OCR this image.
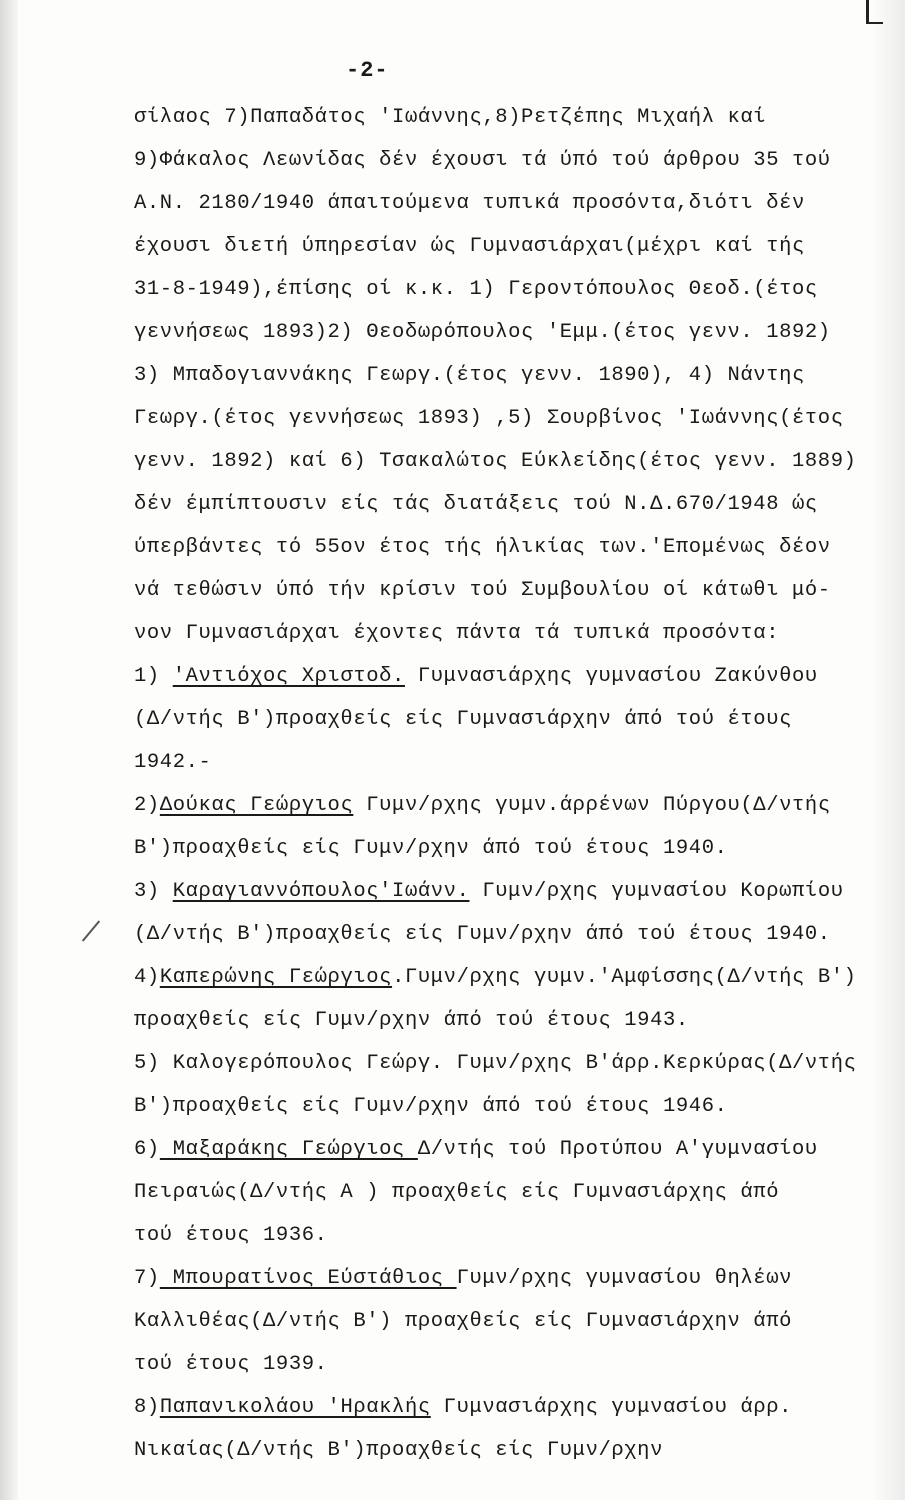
-2-
σίλαος 7)Παπαδάτος 'Ιωάννης,8)Ρετζέπης Μιχαήλ καί
9)Φάκαλος Λεωνίδας δέν έχουσι τά ύπό τού άρθρου 35 τού
Α.Ν. 2180/1940 άπαιτούμενα τυπικά προσόντα,διότι δέν
έχουσι διετή ύπηρεσίαν ώς Γυμνασιάρχαι(μέχρι καί τής
31-8-1949),έπίσης οί κ.κ. 1) Γεροντόπουλος Θεοδ.(έτος
γεννήσεως 1893)2) Θεοδωρόπουλος 'Εμμ.(έτος γενν. 1892)
3) Μπαδογιαννάκης Γεωργ.(έτος γενν. 1890), 4) Νάντης
Γεωργ.(έτος γεννήσεως 1893) ,5) Σουρβίνος 'Ιωάννης(έτος
γενν. 1892) καί 6) Τσακαλώτος Εύκλείδης(έτος γενν. 1889)
δέν έμπίπτουσιν είς τάς διατάξεις τού Ν.Δ.670/1948 ώς
ύπερβάντες τό 55ον έτος τής ήλικίας των.'Επομένως δέον
νά τεθώσιν ύπό τήν κρίσιν τού Συμβουλίου οί κάτωθι μό-
νον Γυμνασιάρχαι έχοντες πάντα τά τυπικά προσόντα:
1) 'Αντιόχος Χριστοδ. Γυμνασιάρχης γυμνασίου Ζακύνθου
(Δ/ντής Β')προαχθείς είς Γυμνασιάρχην άπό τού έτους
1942.-
2)Δούκας Γεώργιος Γυμν/ρχης γυμν.άρρένων Πύργου(Δ/ντής
Β')προαχθείς είς Γυμν/ρχην άπό τού έτους 1940.
3) Καραγιαννόπουλος'Ιωάνν. Γυμν/ρχης γυμνασίου Κορωπίου
(Δ/ντής Β')προαχθείς είς Γυμν/ρχην άπό τού έτους 1940.
4)Καπερώνης Γεώργιος.Γυμν/ρχης γυμν.'Αμφίσσης(Δ/ντής Β')
προαχθείς είς Γυμν/ρχην άπό τού έτους 1943.
5) Καλογερόπουλος Γεώργ. Γυμν/ρχης Β'άρρ.Κερκύρας(Δ/ντής
Β')προαχθείς είς Γυμν/ρχην άπό τού έτους 1946.
6) Μαξαράκης Γεώργιος Δ/ντής τού Προτύπου Α'γυμνασίου
Πειραιώς(Δ/ντής Α ) προαχθείς είς Γυμνασιάρχης άπό
τού έτους 1936.
7) Μπουρατίνος Εύστάθιος Γυμν/ρχης γυμνασίου θηλέων
Καλλιθέας(Δ/ντής Β') προαχθείς είς Γυμνασιάρχην άπό
τού έτους 1939.
8)Παπανικολάου 'Ηρακλής Γυμνασιάρχης γυμνασίου άρρ.
Νικαίας(Δ/ντής Β')προαχθείς είς Γυμν/ρχην
